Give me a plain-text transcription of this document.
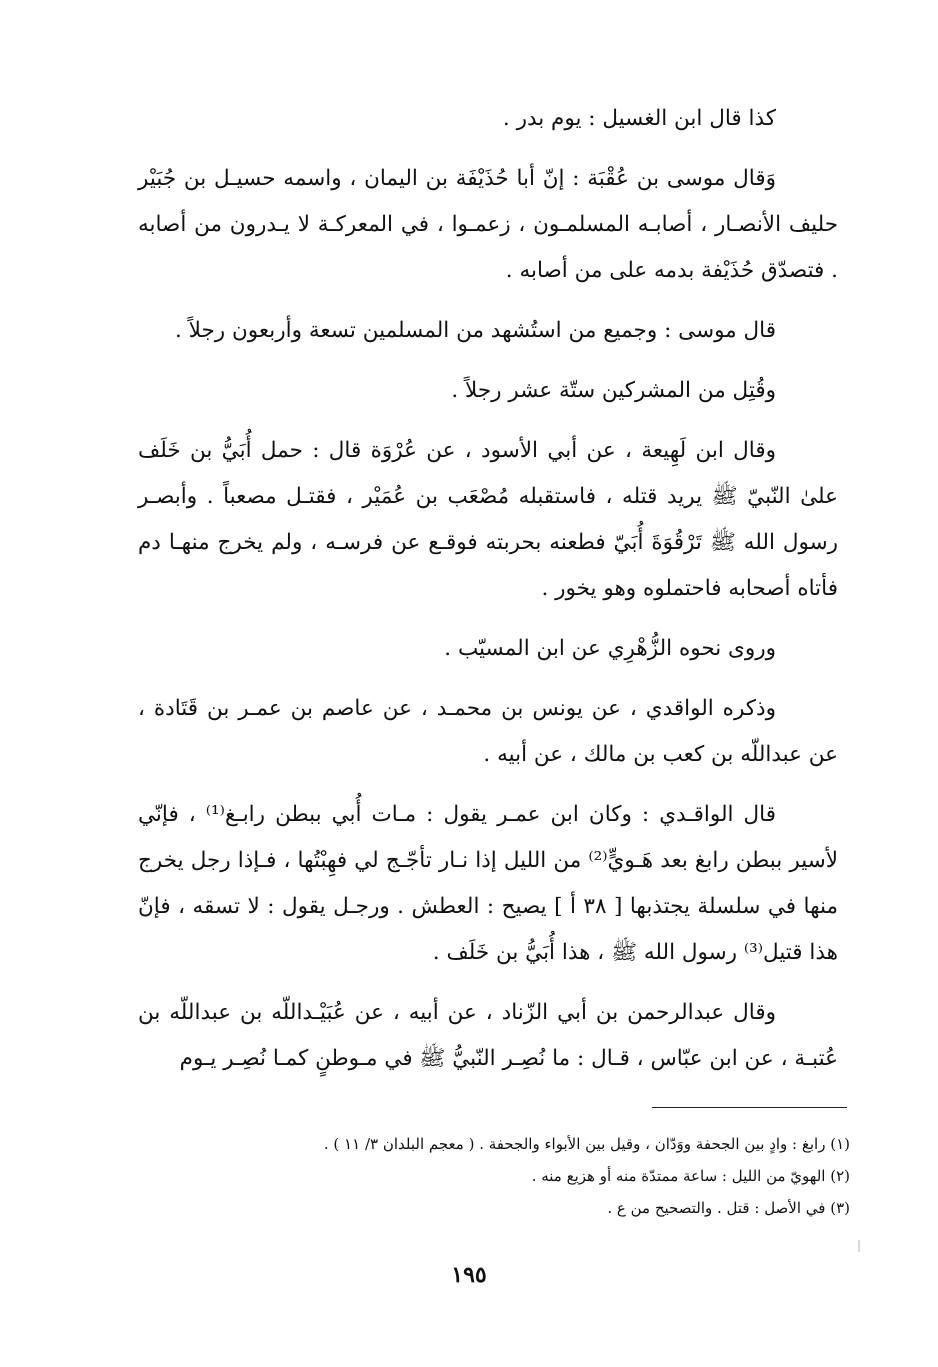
كذا قال ابن الغسيل : يوم بدر .

وَقال موسى بن عُقْبَة : إنّ أبا حُذَيْفَة بن اليمان ، واسمه حسيـل بن جُبَيْر حليف الأنصـار ، أصابـه المسلمـون ، زعمـوا ، في المعركـة لا يـدرون من أصابه . فتصدّق حُذَيْفة بدمه على من أصابه .

قال موسى : وجميع من استُشهد من المسلمين تسعة وأربعون رجلاً .

وقُتِل من المشركين ستّة عشر رجلاً .

وقال ابن لَهِيعة ، عن أبي الأسود ، عن عُرْوَة قال : حمل أُبَيُّ بن خَلَف علىٰ النّبيّ ﷺ يريد قتله ، فاستقبله مُصْعَب بن عُمَيْر ، فقتـل مصعباً . وأبصـر رسول الله ﷺ تَرْقُوَةَ أُبَيّ فطعنه بحربته فوقـع عن فرسـه ، ولم يخرج منهـا دم فأتاه أصحابه فاحتملوه وهو يخور .

وروى نحوه الزُّهْرِي عن ابن المسيّب .

وذكره الواقدي ، عن يونس بن محمـد ، عن عاصم بن عمـر بن قَتَادة ، عن عبداللّه بن كعب بن مالك ، عن أبيه .

قال الواقـدي : وكان ابن عمـر يقول : مـات أُبي ببطن رابـغ⁽¹⁾ ، فإنّي لأسير ببطن رابغ بعد هَـويٍّ⁽²⁾ من الليل إذا نـار تأجّـج لي فهِبْتُها ، فـإذا رجل يخرج منها في سلسلة يجتذبها [ ٣٨ أ ] يصيح : العطش . ورجـل يقول : لا تسقه ، فإنّ هذا قتيل⁽³⁾ رسول الله ﷺ ، هذا أُبَيُّ بن خَلَف .

وقال عبدالرحمن بن أبي الزّناد ، عن أبيه ، عن عُبَيْـداللّه بن عبداللّه بن عُتبـة ، عن ابن عبّاس ، قـال : ما نُصِـر النّبيُّ ﷺ في مـوطنٍ كمـا نُصِـر يـوم

(١) رابغ : وادٍ بين الجحفة ووَدّان ، وقيل بين الأبواء والجحفة . ( معجم البلدان ٣/ ١١ ) .

(٢) الهويّ من الليل : ساعة ممتدّة منه أو هزيع منه .

(٣) في الأصل : قتل . والتصحيح من ع .

١٩٥
